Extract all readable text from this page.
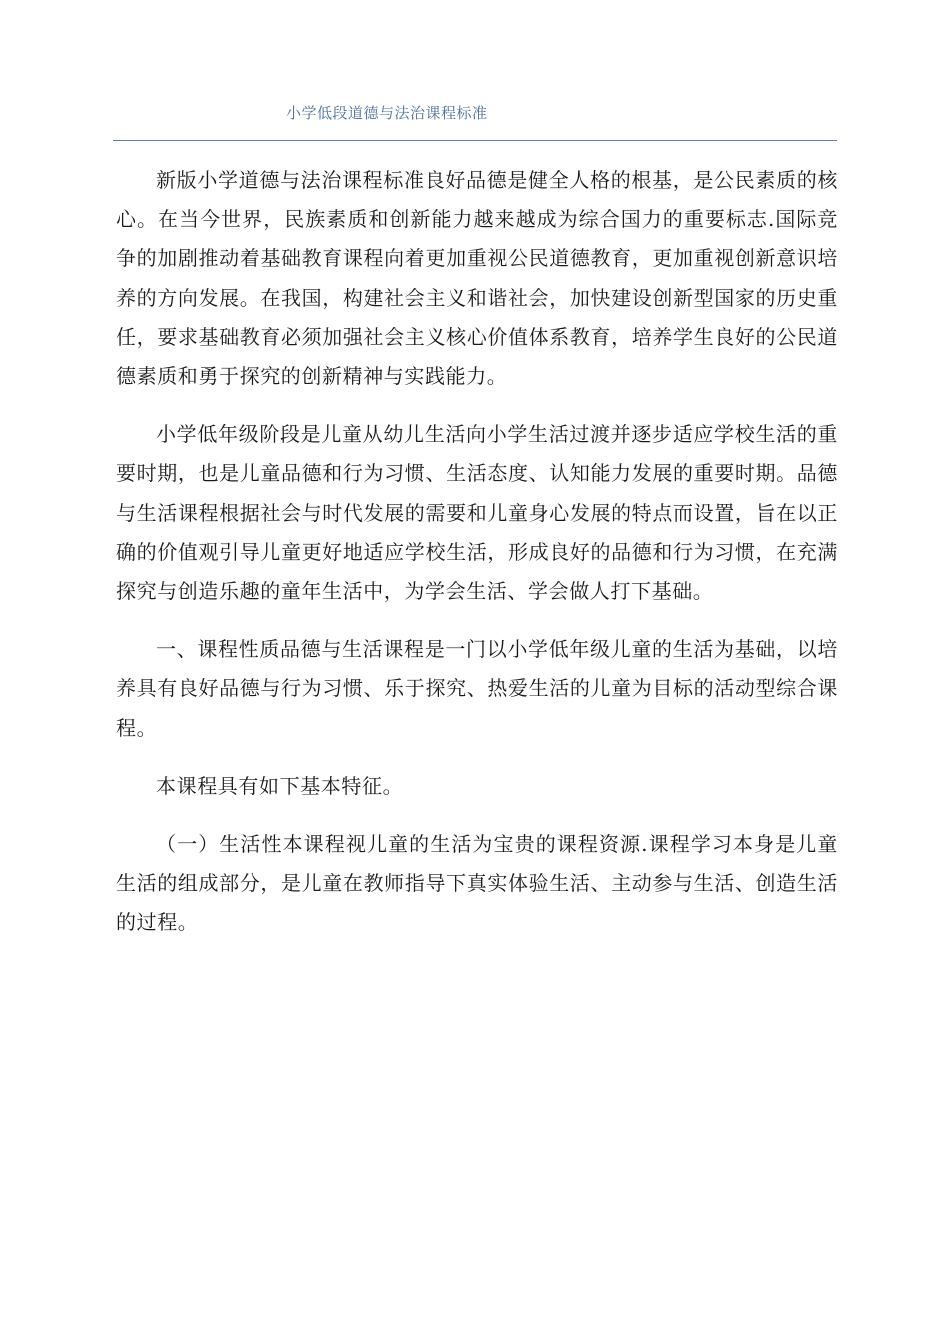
小学低段道德与法治课程标准

新版小学道德与法治课程标准良好品德是健全人格的根基，是公民素质的核心。在当今世界，民族素质和创新能力越来越成为综合国力的重要标志.国际竞争的加剧推动着基础教育课程向着更加重视公民道德教育，更加重视创新意识培养的方向发展。在我国，构建社会主义和谐社会，加快建设创新型国家的历史重任，要求基础教育必须加强社会主义核心价值体系教育，培养学生良好的公民道德素质和勇于探究的创新精神与实践能力。

小学低年级阶段是儿童从幼儿生活向小学生活过渡并逐步适应学校生活的重要时期，也是儿童品德和行为习惯、生活态度、认知能力发展的重要时期。品德与生活课程根据社会与时代发展的需要和儿童身心发展的特点而设置，旨在以正确的价值观引导儿童更好地适应学校生活，形成良好的品德和行为习惯，在充满探究与创造乐趣的童年生活中，为学会生活、学会做人打下基础。

一、课程性质品德与生活课程是一门以小学低年级儿童的生活为基础，以培养具有良好品德与行为习惯、乐于探究、热爱生活的儿童为目标的活动型综合课程。

本课程具有如下基本特征。

（一）生活性本课程视儿童的生活为宝贵的课程资源.课程学习本身是儿童生活的组成部分，是儿童在教师指导下真实体验生活、主动参与生活、创造生活的过程。
